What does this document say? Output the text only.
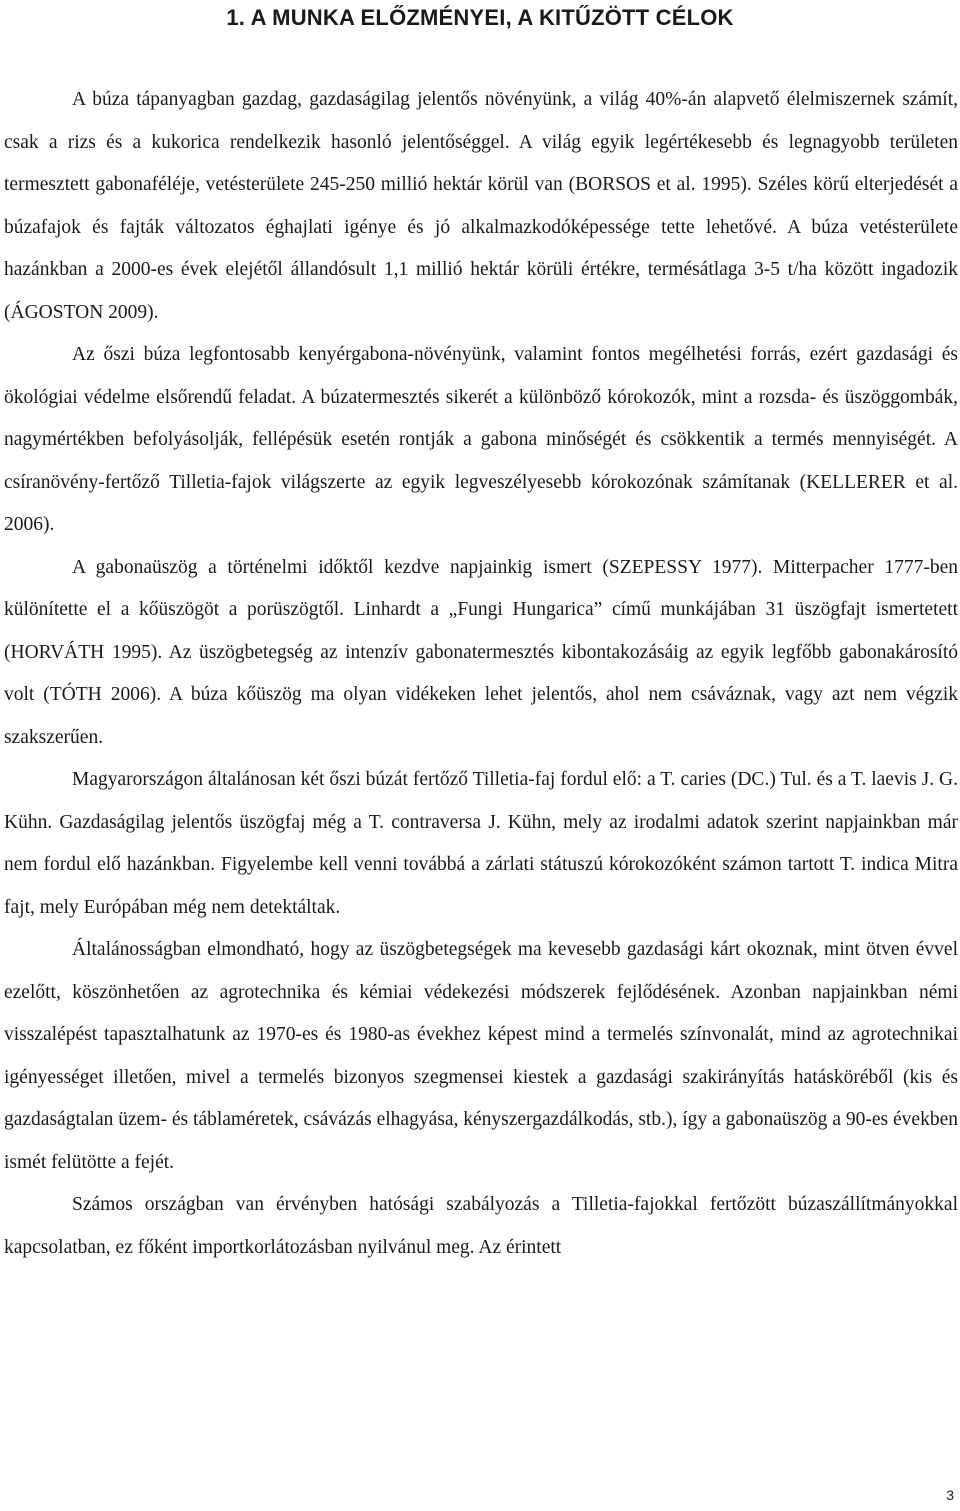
1. A MUNKA ELŐZMÉNYEI, A KITŰZÖTT CÉLOK

A búza tápanyagban gazdag, gazdaságilag jelentős növényünk, a világ 40%-án alapvető élelmiszernek számít, csak a rizs és a kukorica rendelkezik hasonló jelentőséggel. A világ egyik legértékesebb és legnagyobb területen termesztett gabonaféléje, vetésterülete 245-250 millió hektár körül van (BORSOS et al. 1995). Széles körű elterjedését a búzafajok és fajták változatos éghajlati igénye és jó alkalmazkodóképessége tette lehetővé. A búza vetésterülete hazánkban a 2000-es évek elejétől állandósult 1,1 millió hektár körüli értékre, termésátlaga 3-5 t/ha között ingadozik (ÁGOSTON 2009).

Az őszi búza legfontosabb kenyérgabona-növényünk, valamint fontos megélhetési forrás, ezért gazdasági és ökológiai védelme elsőrendű feladat. A búzatermesztés sikerét a különböző kórokozók, mint a rozsda- és üszöggombák, nagymértékben befolyásolják, fellépésük esetén rontják a gabona minőségét és csökkentik a termés mennyiségét. A csíranövény-fertőző Tilletia-fajok világszerte az egyik legveszélyesebb kórokozónak számítanak (KELLERER et al. 2006).

A gabonaüszög a történelmi időktől kezdve napjainkig ismert (SZEPESSY 1977). Mitterpacher 1777-ben különítette el a kőüszögöt a porüszögtől. Linhardt a „Fungi Hungarica” című munkájában 31 üszögfajt ismertetett (HORVÁTH 1995). Az üszögbetegség az intenzív gabonatermesztés kibontakozásáig az egyik legfőbb gabonakárosító volt (TÓTH 2006). A búza kőüszög ma olyan vidékeken lehet jelentős, ahol nem csáváznak, vagy azt nem végzik szakszerűen.

Magyarországon általánosan két őszi búzát fertőző Tilletia-faj fordul elő: a T. caries (DC.) Tul. és a T. laevis J. G. Kühn. Gazdaságilag jelentős üszögfaj még a T. contraversa J. Kühn, mely az irodalmi adatok szerint napjainkban már nem fordul elő hazánkban. Figyelembe kell venni továbbá a zárlati státuszú kórokozóként számon tartott T. indica Mitra fajt, mely Európában még nem detektáltak.

Általánosságban elmondható, hogy az üszögbetegségek ma kevesebb gazdasági kárt okoznak, mint ötven évvel ezelőtt, köszönhetően az agrotechnika és kémiai védekezési módszerek fejlődésének. Azonban napjainkban némi visszalépést tapasztalhatunk az 1970-es és 1980-as évekhez képest mind a termelés színvonalát, mind az agrotechnikai igényességet illetően, mivel a termelés bizonyos szegmensei kiestek a gazdasági szakirányítás hatásköréből (kis és gazdaságtalan üzem- és táblaméretek, csávázás elhagyása, kényszergazdálkodás, stb.), így a gabonaüszög a 90-es években ismét felütötte a fejét.

Számos országban van érvényben hatósági szabályozás a Tilletia-fajokkal fertőzött búzaszállítmányokkal kapcsolatban, ez főként importkorlátozásban nyilvánul meg. Az érintett

3
